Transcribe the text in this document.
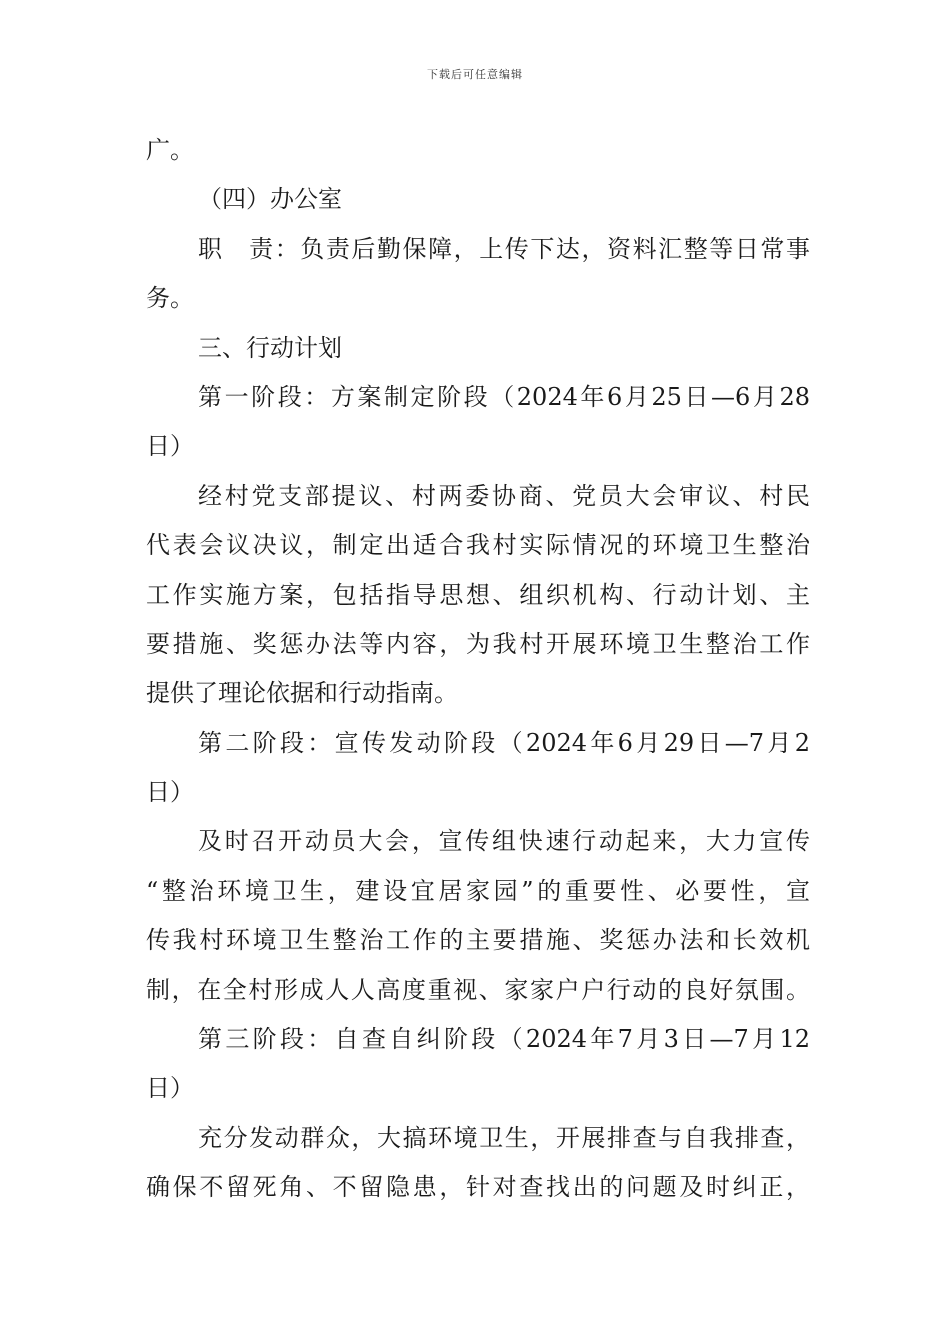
下载后可任意编辑
广。
（四）办公室
职　责：负责后勤保障，上传下达，资料汇整等日常事
务。
三、行动计划
第一阶段：方案制定阶段（2024年6月25日—6月28
日）
经村党支部提议、村两委协商、党员大会审议、村民
代表会议决议，制定出适合我村实际情况的环境卫生整治
工作实施方案，包括指导思想、组织机构、行动计划、主
要措施、奖惩办法等内容，为我村开展环境卫生整治工作
提供了理论依据和行动指南。
第二阶段：宣传发动阶段（2024年6月29日—7月2
日）
及时召开动员大会，宣传组快速行动起来，大力宣传
“整治环境卫生，建设宜居家园”的重要性、必要性，宣
传我村环境卫生整治工作的主要措施、奖惩办法和长效机
制，在全村形成人人高度重视、家家户户行动的良好氛围。
第三阶段：自查自纠阶段（2024年7月3日—7月12
日）
充分发动群众，大搞环境卫生，开展排查与自我排查，
确保不留死角、不留隐患，针对查找出的问题及时纠正，
